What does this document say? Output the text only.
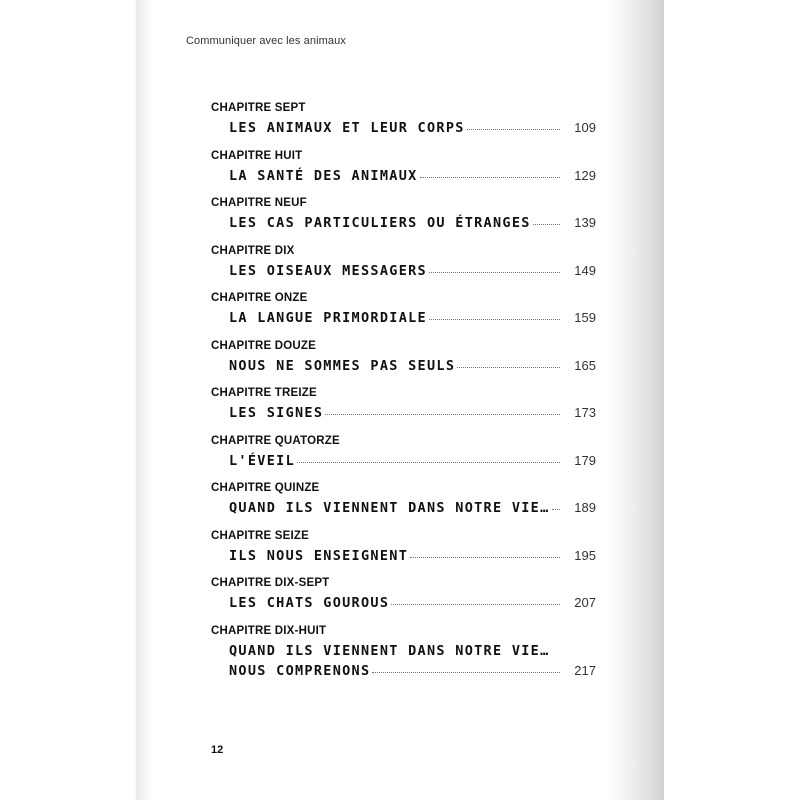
Communiquer avec les animaux
CHAPITRE SEPT
LES ANIMAUX ET LEUR CORPS	109
CHAPITRE HUIT
LA SANTÉ DES ANIMAUX	129
CHAPITRE NEUF
LES CAS PARTICULIERS OU ÉTRANGES	139
CHAPITRE DIX
LES OISEAUX MESSAGERS	149
CHAPITRE ONZE
LA LANGUE PRIMORDIALE	159
CHAPITRE DOUZE
NOUS NE SOMMES PAS SEULS	165
CHAPITRE TREIZE
LES SIGNES	173
CHAPITRE QUATORZE
L'ÉVEIL	179
CHAPITRE QUINZE
QUAND ILS VIENNENT DANS NOTRE VIE…	189
CHAPITRE SEIZE
ILS NOUS ENSEIGNENT	195
CHAPITRE DIX-SEPT
LES CHATS GOUROUS	207
CHAPITRE DIX-HUIT
QUAND ILS VIENNENT DANS NOTRE VIE…
NOUS COMPRENONS	217
12
